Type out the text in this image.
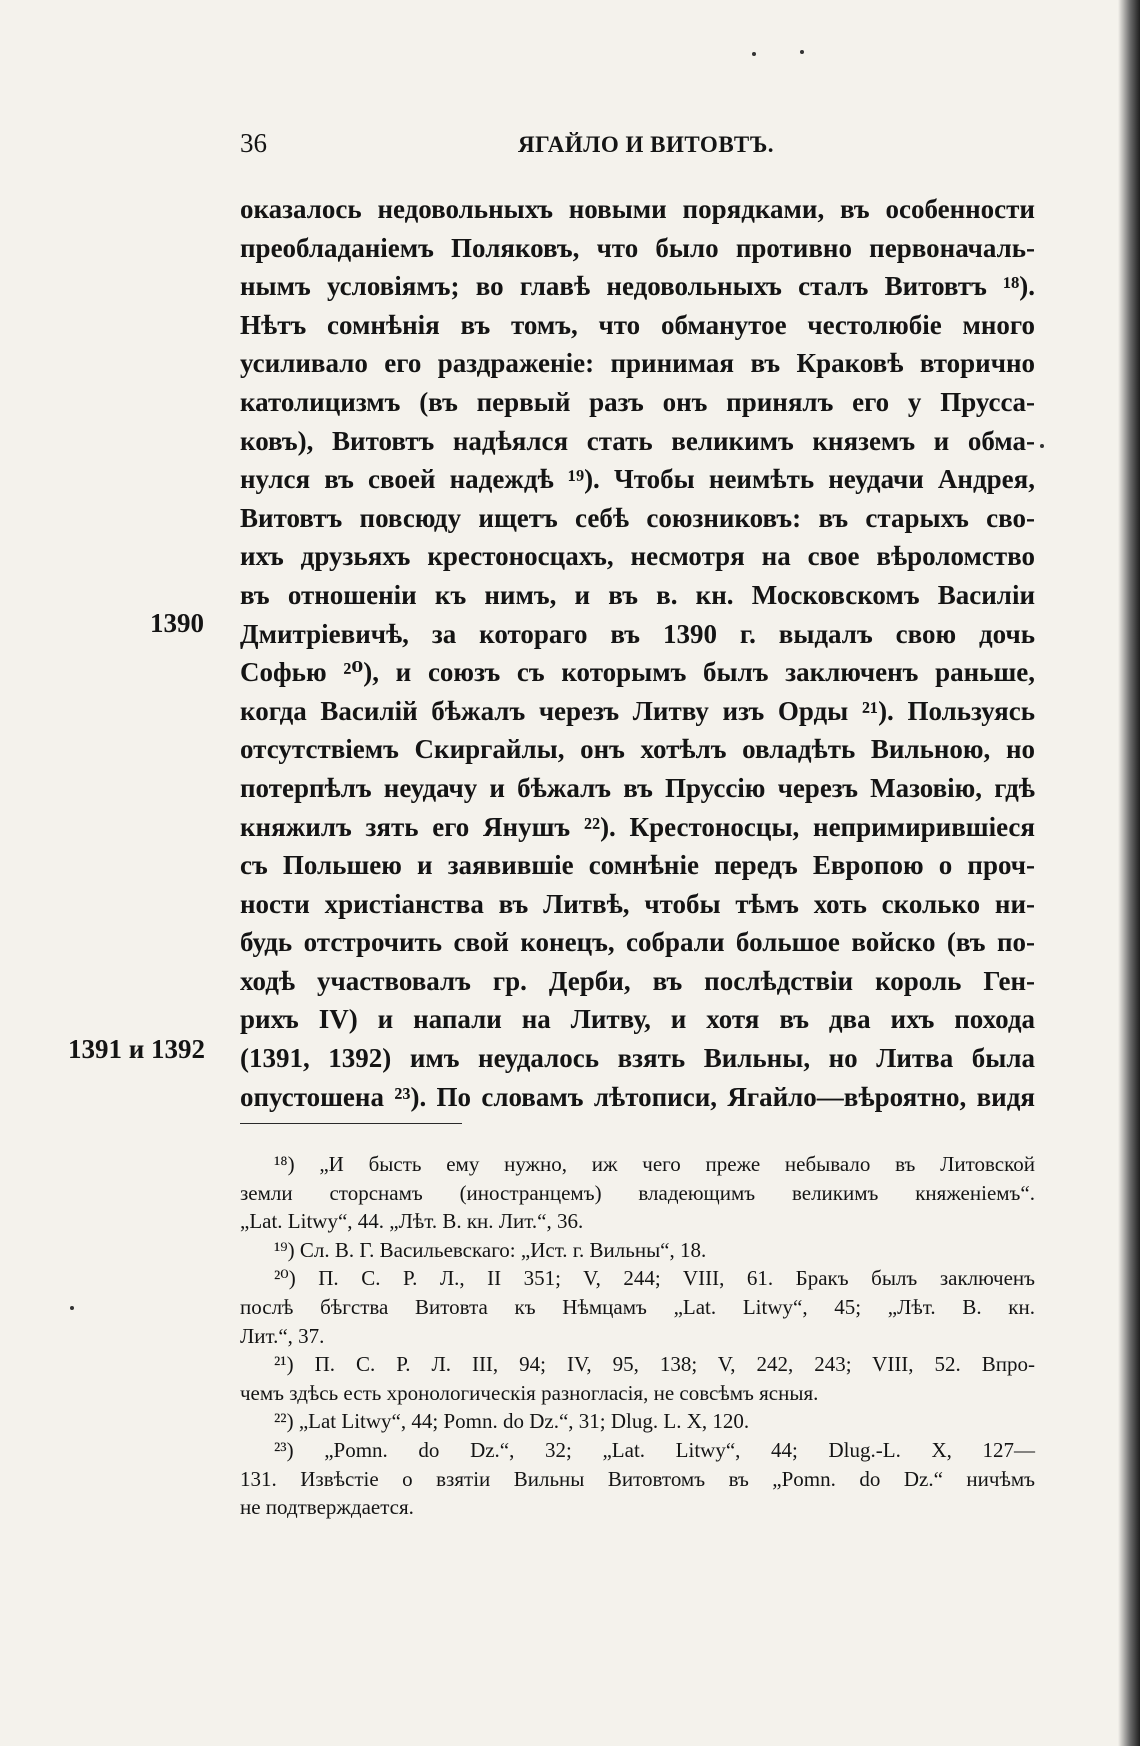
36	ЯГАЙЛО И ВИТОВТЪ.
1390
1391 и 1392
оказалось недовольныхъ новыми порядками, въ особенности
преобладаніемъ Поляковъ, что было противно первоначаль-
нымъ условіямъ; во главѣ недовольныхъ сталъ Витовтъ ¹⁸).
Нѣтъ сомнѣнія въ томъ, что обманутое честолюбіе много
усиливало его раздраженіе: принимая въ Краковѣ вторично
католицизмъ (въ первый разъ онъ принялъ его у Пруссa-
ковъ), Витовтъ надѣялся стать великимъ княземъ и обма-
нулся въ своей надеждѣ ¹⁹). Чтобы неимѣть неудачи Андрея,
Витовтъ повсюду ищетъ себѣ союзниковъ: въ старыхъ сво-
ихъ друзьяхъ крестоносцахъ, несмотря на свое вѣроломство
въ отношеніи къ нимъ, и въ в. кн. Московскомъ Василіи
Дмитріевичѣ, за котораго въ 1390 г. выдалъ свою дочь
Софью ²⁰), и союзъ съ которымъ былъ заключенъ раньше,
когда Василій бѣжалъ черезъ Литву изъ Орды ²¹). Пользуясь
отсутствіемъ Скиргайлы, онъ хотѣлъ овладѣть Вильною, но
потерпѣлъ неудачу и бѣжалъ въ Пруссію черезъ Мазовію, гдѣ
княжилъ зять его Янушъ ²²). Крестоносцы, непримирившіеся
съ Польшею и заявившіе сомнѣніе передъ Европою о проч-
ности христіанства въ Литвѣ, чтобы тѣмъ хоть сколько ни-
будь отстрочить свой конецъ, собрали большое войско (въ по-
ходѣ участвовалъ гр. Дерби, въ послѣдствіи король Ген-
рихъ IV) и напали на Литву, и хотя въ два ихъ похода
(1391, 1392) имъ неудалось взять Вильны, но Литва была
опустошена ²³). По словамъ лѣтописи, Ягайло—вѣроятно, видя
¹⁸) „И бысть ему нужно, иж чего преже небывало въ Литовской
земли сторснамъ (иностранцемъ) владеющимъ великимъ княженіемъ“.
„Lat. Litwy“, 44. „Лѣт. В. кн. Лит.“, 36.
¹⁹) Сл. В. Г. Васильевскаго: „Ист. г. Вильны“, 18.
²⁰) П. С. Р. Л., II 351; V, 244; VIII, 61. Бракъ былъ заключенъ
послѣ бѣгства Витовта къ Нѣмцамъ „Lat. Litwy“, 45; „Лѣт. В. кн.
Лит.“, 37.
²¹) П. С. Р. Л. III, 94; IV, 95, 138; V, 242, 243; VIII, 52. Впро-
чемъ здѣсь есть хронологическія разногласія, не совсѣмъ ясныя.
²²) „Lat Litwy“, 44; Pomn. do Dz.“, 31; Dlug. L. X, 120.
²³) „Pomn. do Dz.“, 32; „Lat. Litwy“, 44; Dlug.-L. X, 127—
131. Извѣстіе о взятіи Вильны Витовтомъ въ „Pomn. do Dz.“ ничѣмъ
не подтверждается.
